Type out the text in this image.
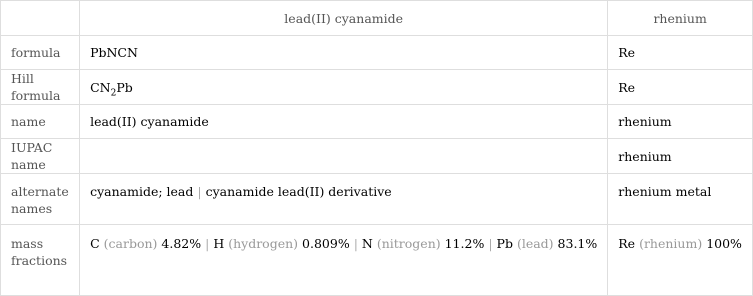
	lead(II) cyanamide	rhenium
formula	PbNCN	Re
Hill formula	$CN_2Pb$	Re
name	lead(II) cyanamide	rhenium
IUPAC name		rhenium
alternate names	cyanamide; lead | cyanamide lead(II) derivative	rhenium metal
mass fractions	C (carbon) 4.82% | H (hydrogen) 0.809% | N (nitrogen) 11.2% | Pb (lead) 83.1%	Re (rhenium) 100%
